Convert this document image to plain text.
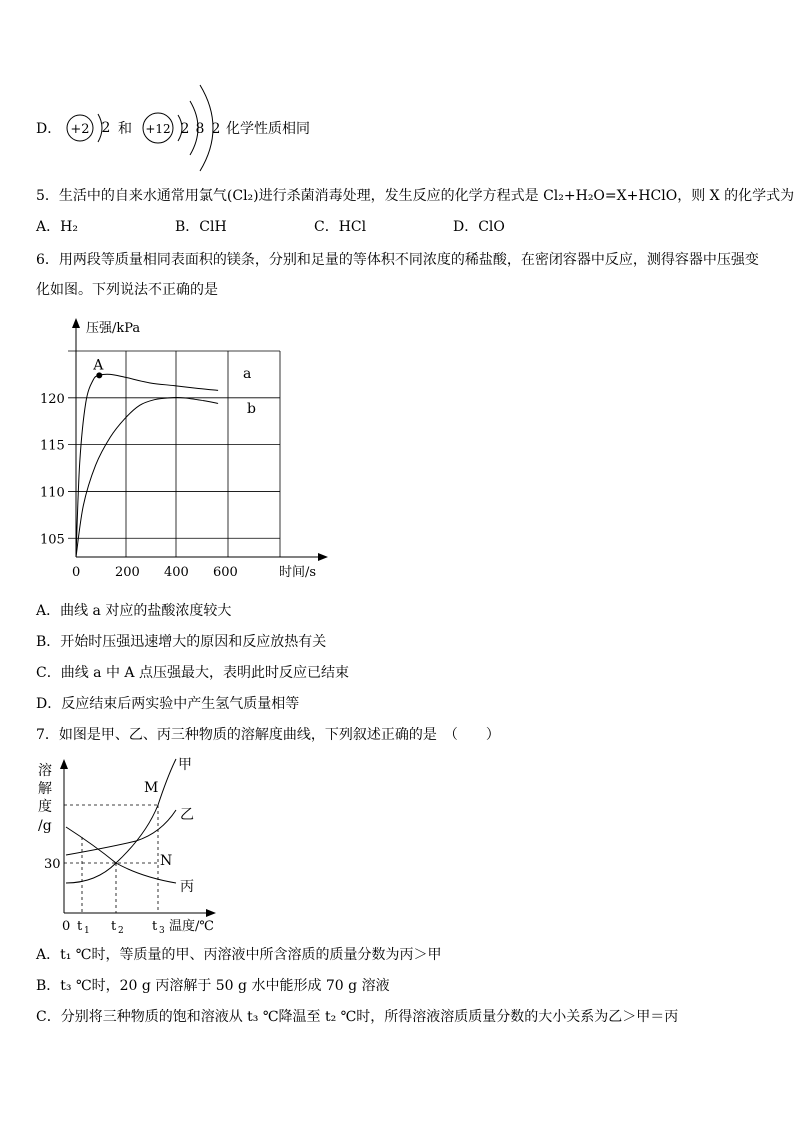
D． +2 2 和 +12 2 8 2 化学性质相同
5．生活中的自来水通常用氯气(Cl₂)进行杀菌消毒处理，发生反应的化学方程式是 Cl₂+H₂O=X+HClO，则 X 的化学式为
A．H₂	B．ClH	C．HCl	D．ClO
6．用两段等质量相同表面积的镁条，分别和足量的等体积不同浓度的稀盐酸，在密闭容器中反应，测得容器中压强变
化如图。下列说法不正确的是
105
110
115
120
0	200 400 600
压强/kPa
时间/s
a
b
A
A．曲线 a 对应的盐酸浓度较大
B．开始时压强迅速增大的原因和反应放热有关
C．曲线 a 中 A 点压强最大，表明此时反应已结束
D．反应结束后两实验中产生氢气质量相等
7．如图是甲、乙、丙三种物质的溶解度曲线，下列叙述正确的是　（　　）
溶
解
度
/g
甲
乙
丙
M
N
30
0 t 1 t 2 t 3 温度/℃
A．t₁ ℃时，等质量的甲、丙溶液中所含溶质的质量分数为丙＞甲
B．t₃ ℃时，20 g 丙溶解于 50 g 水中能形成 70 g 溶液
C．分别将三种物质的饱和溶液从 t₃ ℃降温至 t₂ ℃时，所得溶液溶质质量分数的大小关系为乙＞甲＝丙
